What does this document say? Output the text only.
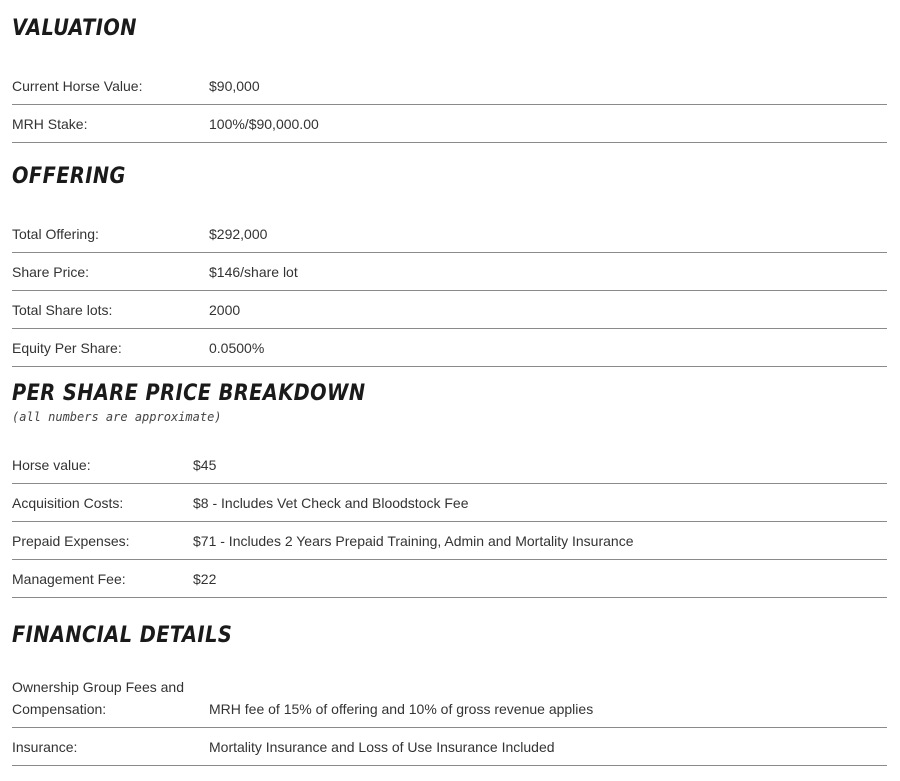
VALUATION
Current Horse Value:	$90,000
MRH Stake:	100%/$90,000.00
OFFERING
Total Offering:	$292,000
Share Price:	$146/share lot
Total Share lots:	2000
Equity Per Share:	0.0500%
PER SHARE PRICE BREAKDOWN

(all numbers are approximate)

Horse value:	$45
Acquisition Costs:	$8 - Includes Vet Check and Bloodstock Fee
Prepaid Expenses:	$71 - Includes 2 Years Prepaid Training, Admin and Mortality Insurance
Management Fee:	$22
FINANCIAL DETAILS
Ownership Group Fees and
Compensation:	MRH fee of 15% of offering and 10% of gross revenue applies
Insurance:	Mortality Insurance and Loss of Use Insurance Included
